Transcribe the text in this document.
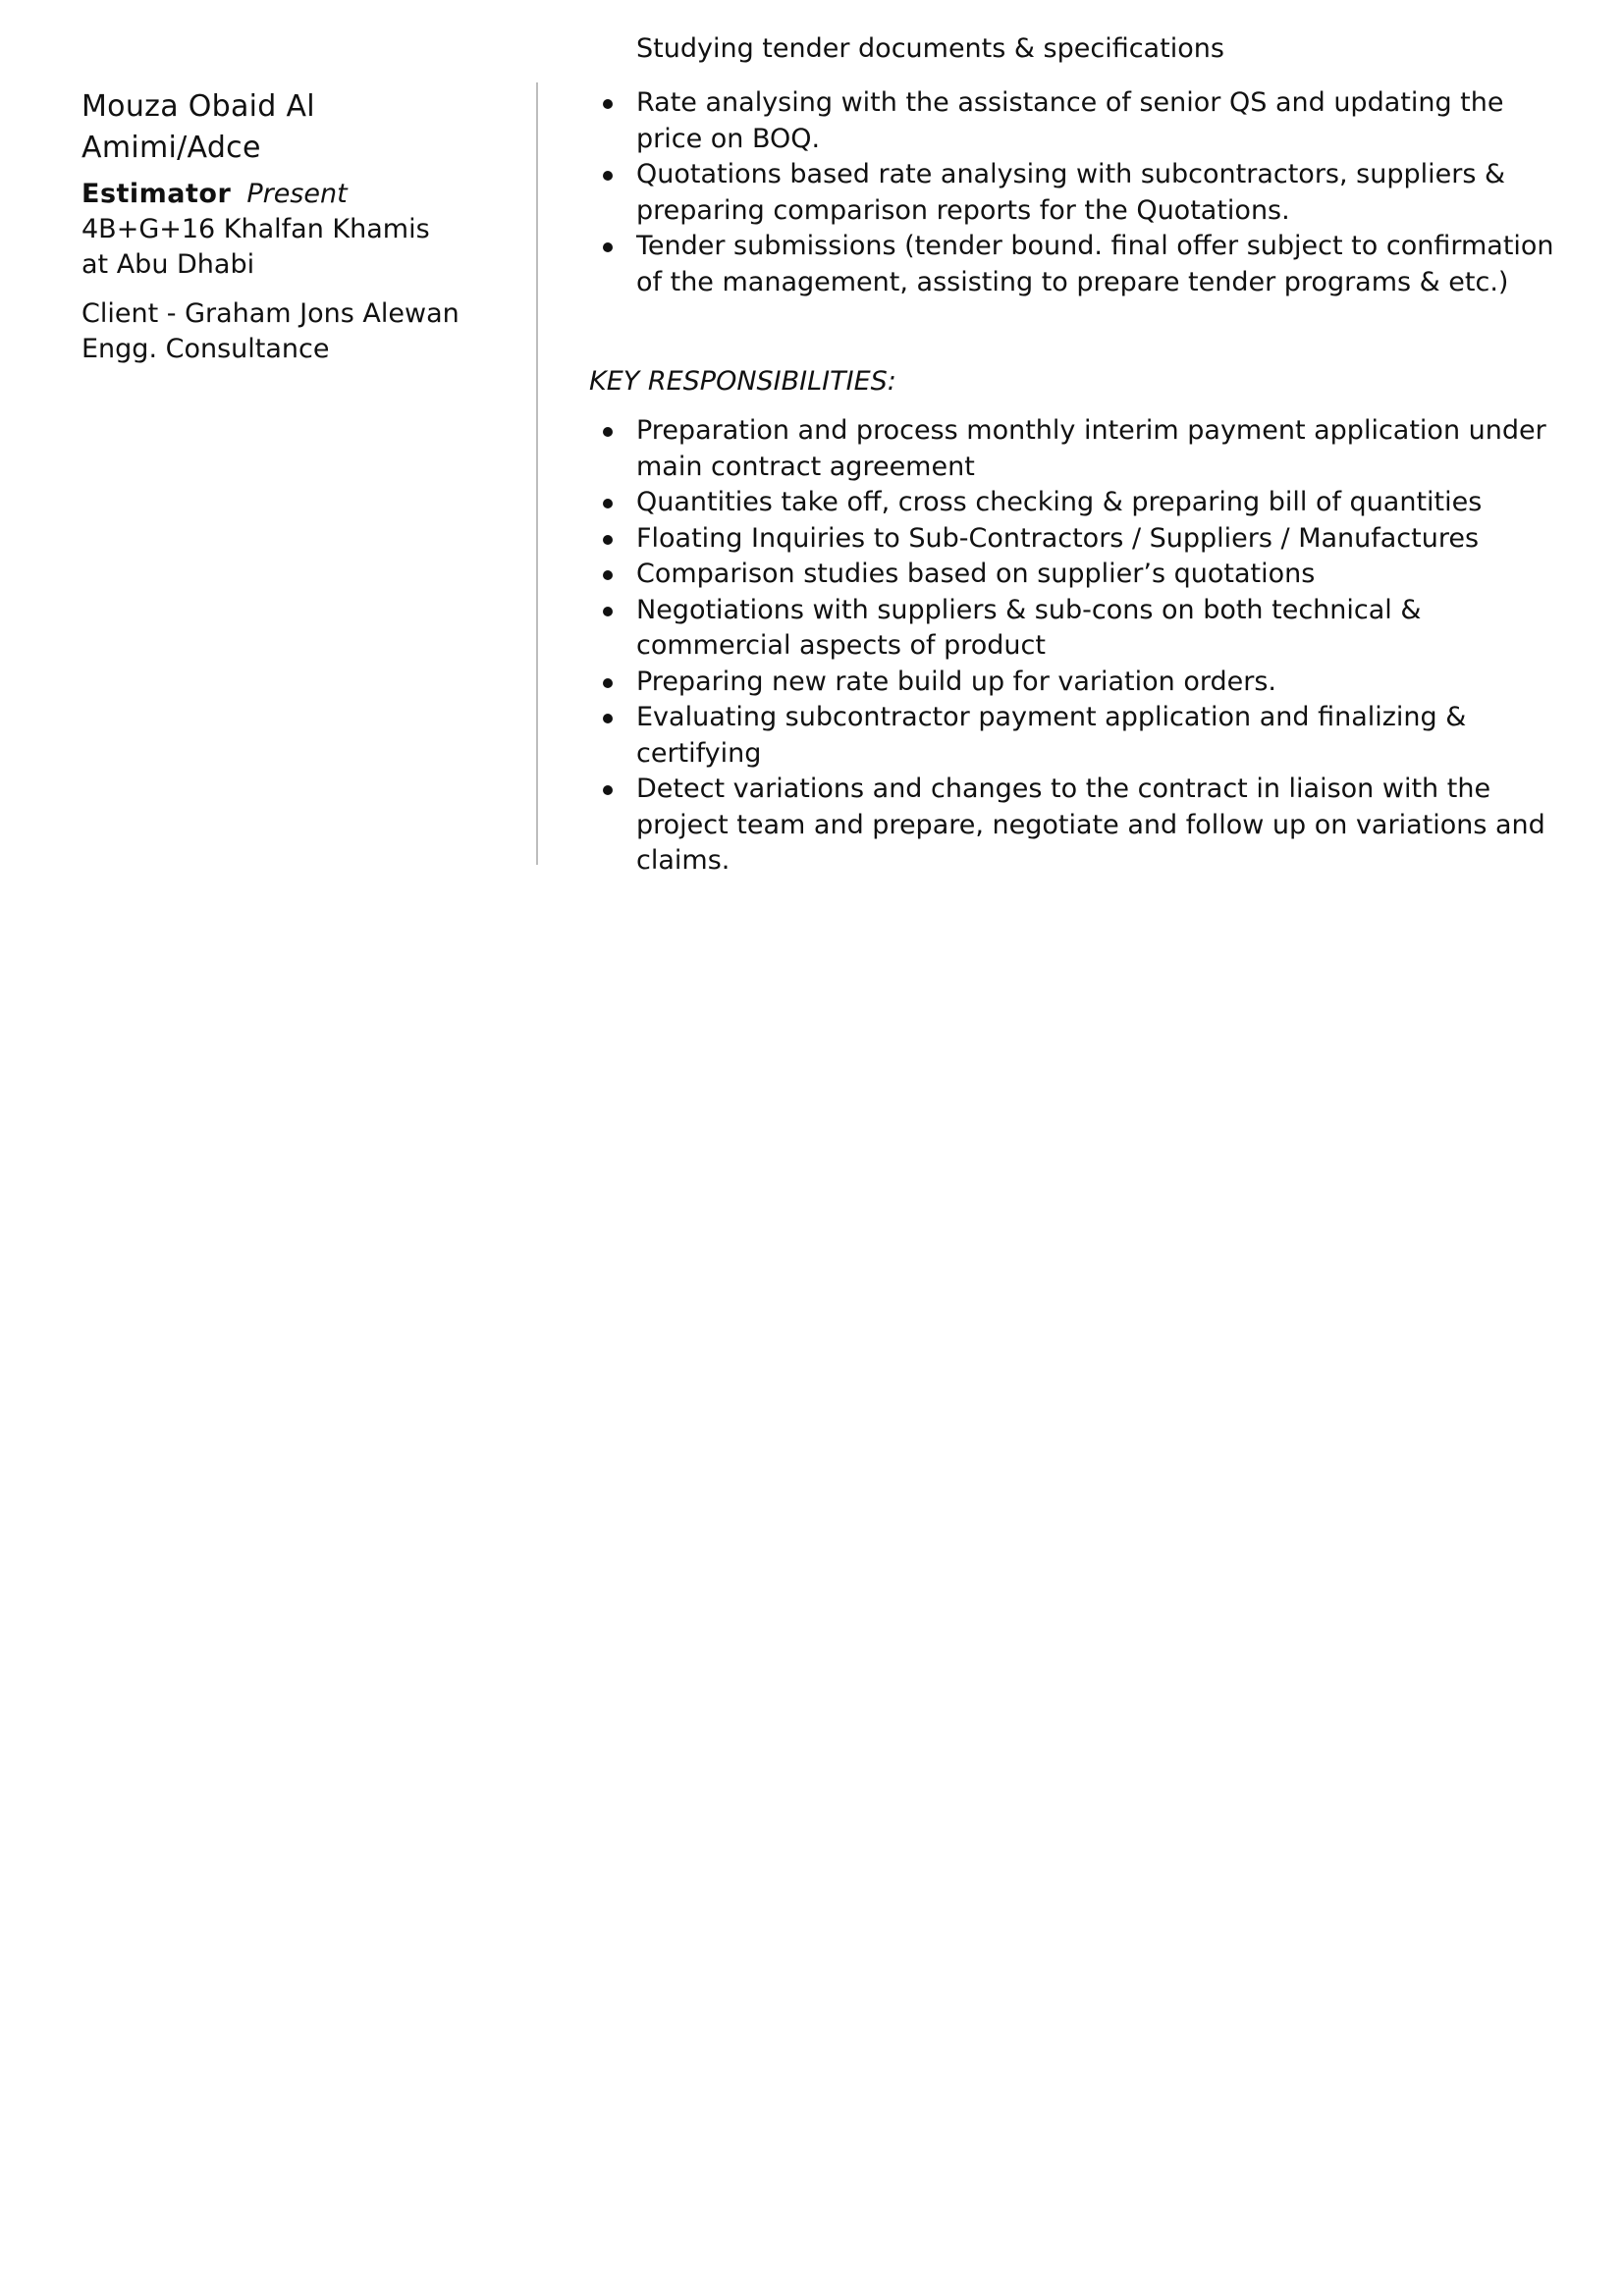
Mouza Obaid Al Amimi/Adce

Estimator Present

4B+G+16 Khalfan Khamis

at Abu Dhabi

Client - Graham Jons Alewan Engg. Consultance
Studying tender documents & specifications
Rate analysing with the assistance of senior QS and updating the price on BOQ.
Quotations based rate analysing with subcontractors, suppliers & preparing comparison reports for the Quotations.
Tender submissions (tender bound. final offer subject to confirmation of the management, assisting to prepare tender programs & etc.)

KEY RESPONSIBILITIES:

Preparation and process monthly interim payment application under main contract agreement
Quantities take off, cross checking & preparing bill of quantities
Floating Inquiries to Sub-Contractors / Suppliers / Manufactures
Comparison studies based on supplier’s quotations
Negotiations with suppliers & sub-cons on both technical & commercial aspects of product
Preparing new rate build up for variation orders.
Evaluating subcontractor payment application and finalizing & certifying
Detect variations and changes to the contract in liaison with the project team and prepare, negotiate and follow up on variations and claims.
